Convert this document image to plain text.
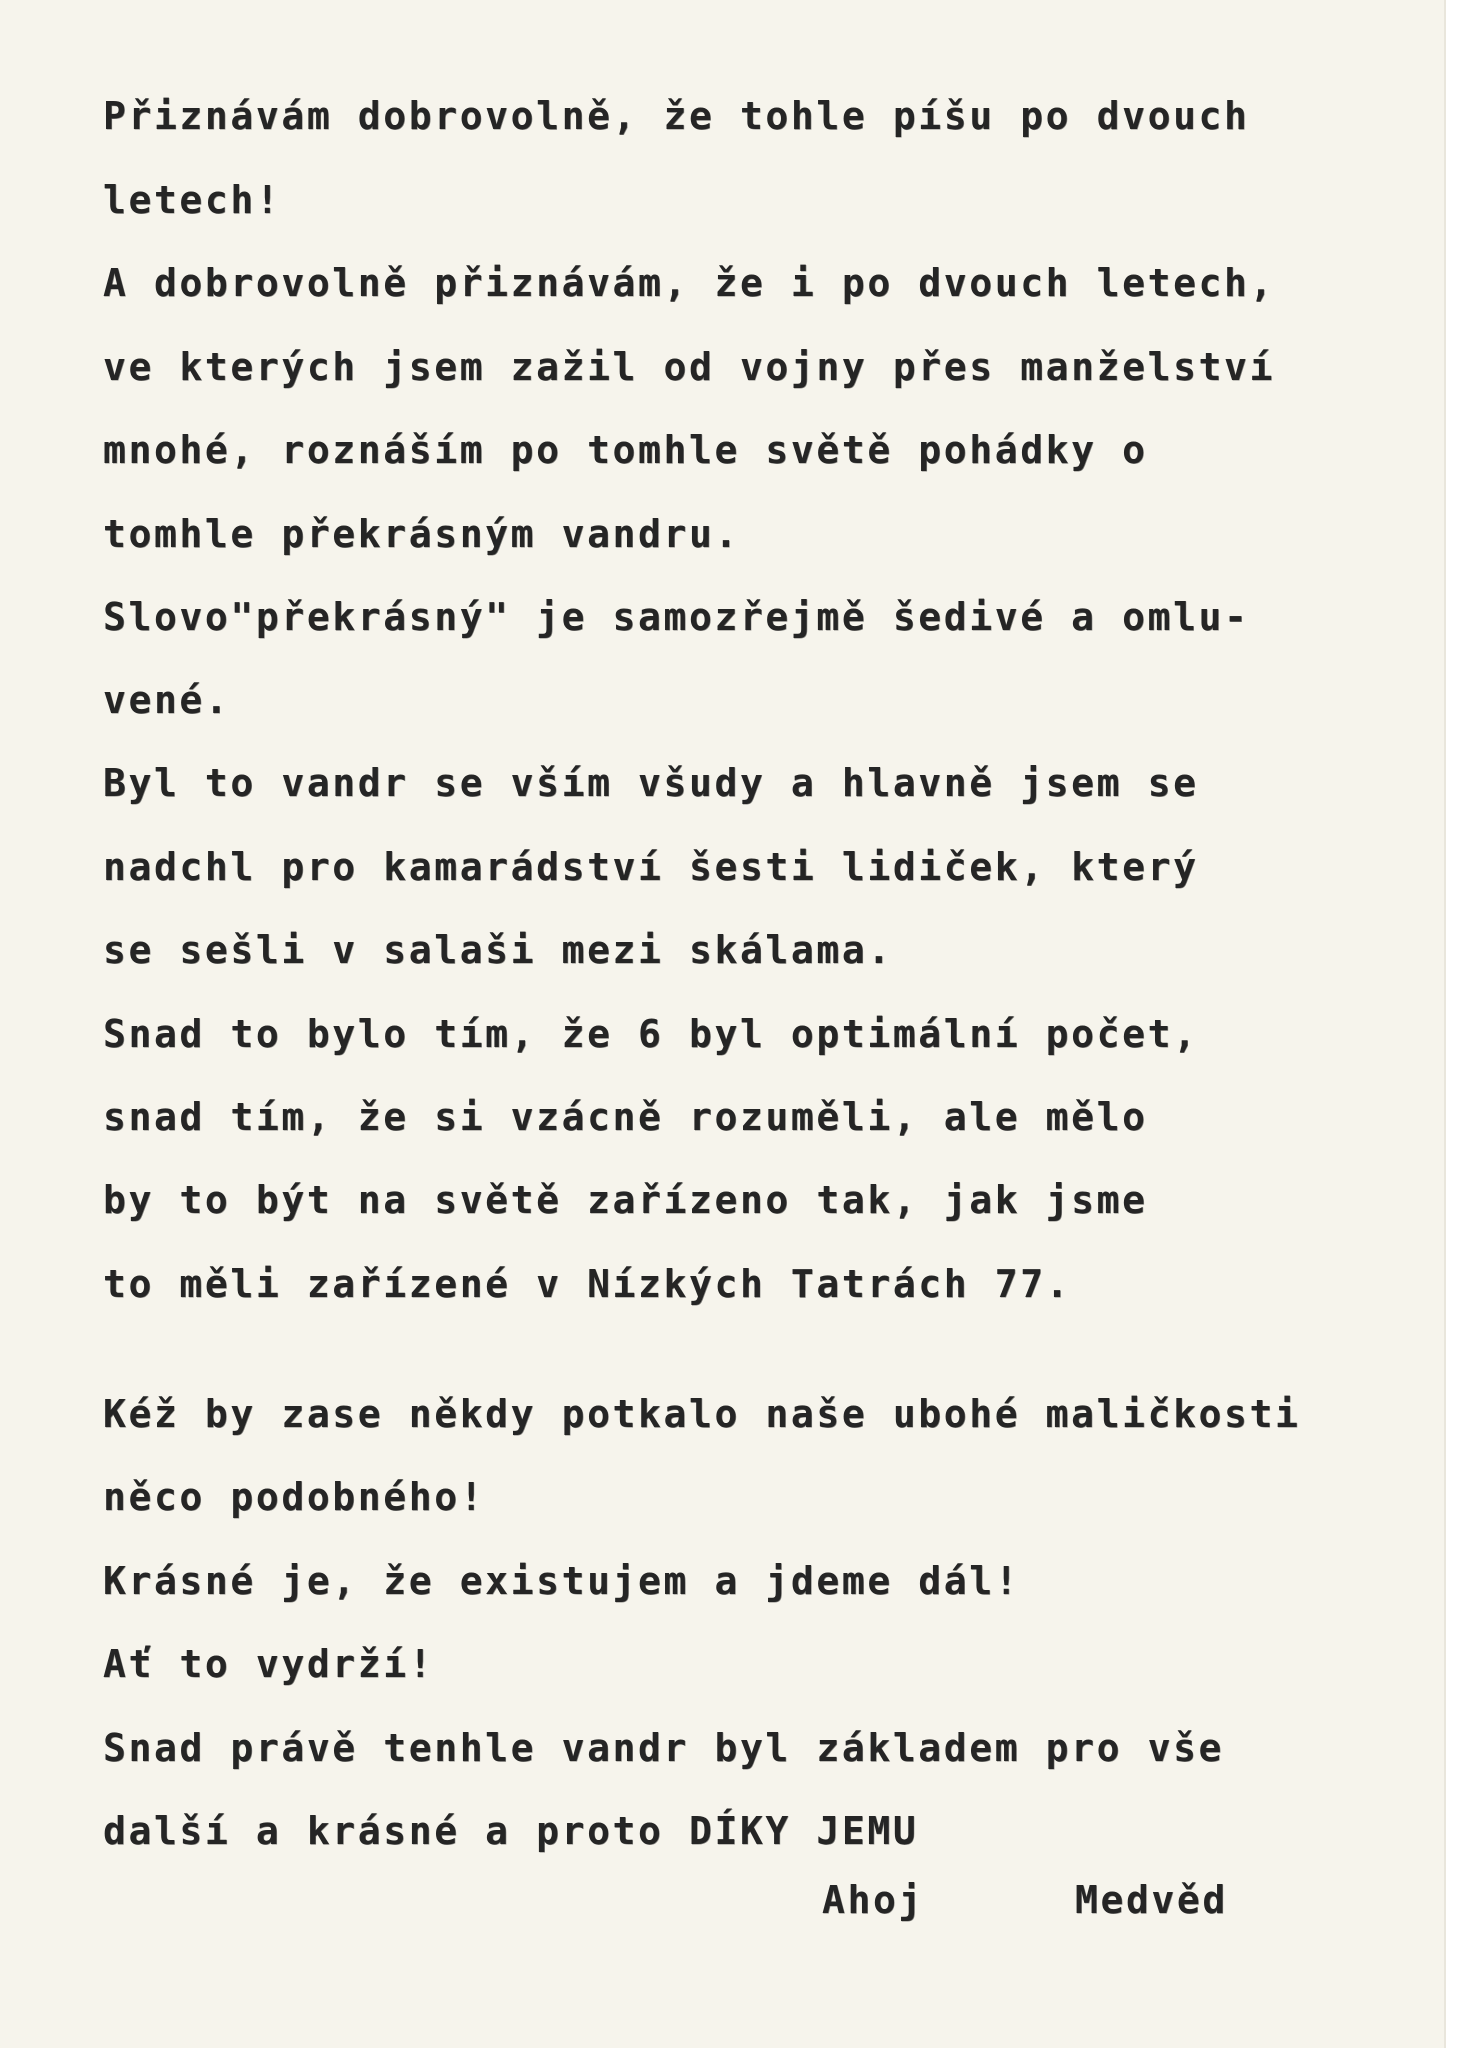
Přiznávám dobrovolně, že tohle píšu po dvouch

letech!

A dobrovolně přiznávám, že i po dvouch letech,

ve kterých jsem zažil od vojny přes manželství

mnohé, roznáším po tomhle světě pohádky o

tomhle překrásným vandru.

Slovo"překrásný" je samozřejmě šedivé a omlu-

vené.

Byl to vandr se vším všudy a hlavně jsem se

nadchl pro kamarádství šesti lidiček, který

se sešli v salaši mezi skálama.

Snad to bylo tím, že 6 byl optimální počet,

snad tím, že si vzácně rozuměli, ale mělo

by to být na světě zařízeno tak, jak jsme

to měli zařízené v Nízkých Tatrách 77.

Kéž by zase někdy potkalo naše ubohé maličkosti

něco podobného!

Krásné je, že existujem a jdeme dál!

Ať to vydrží!

Snad právě tenhle vandr byl základem pro vše

další a krásné a proto DÍKY JEMU

Ahoj	Medvěd
